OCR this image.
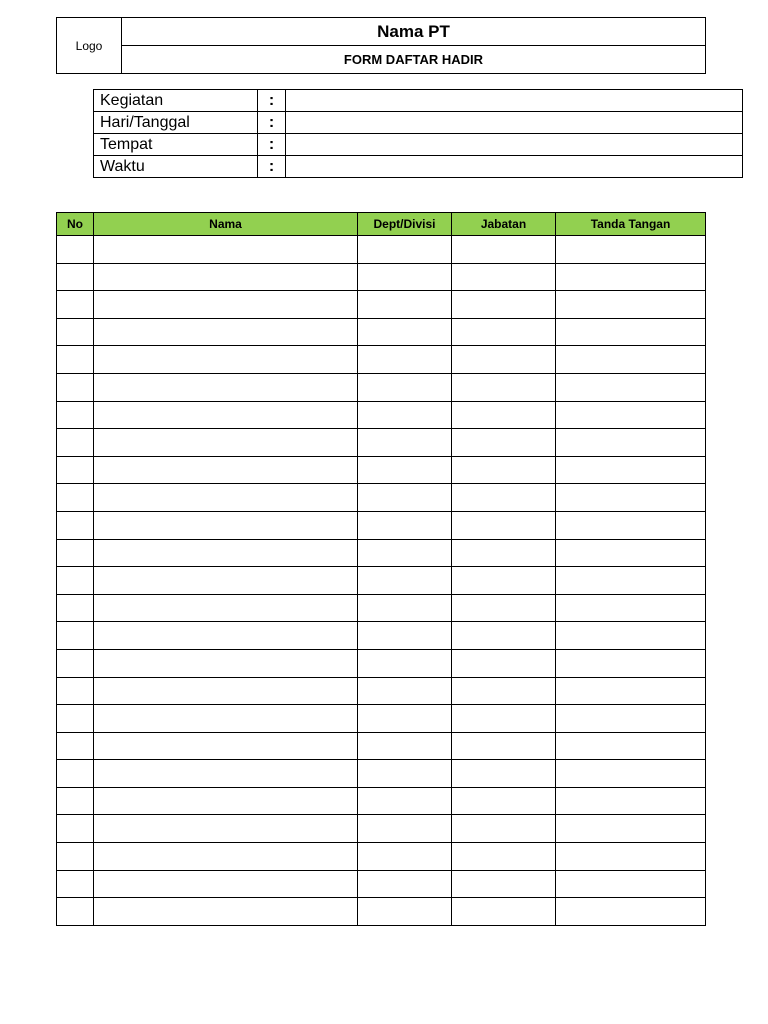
Logo	Nama PT
FORM DAFTAR HADIR
Kegiatan	:	
Hari/Tanggal	:	
Tempat	:	
Waktu	:	
No	Nama	Dept/Divisi	Jabatan	Tanda Tangan
